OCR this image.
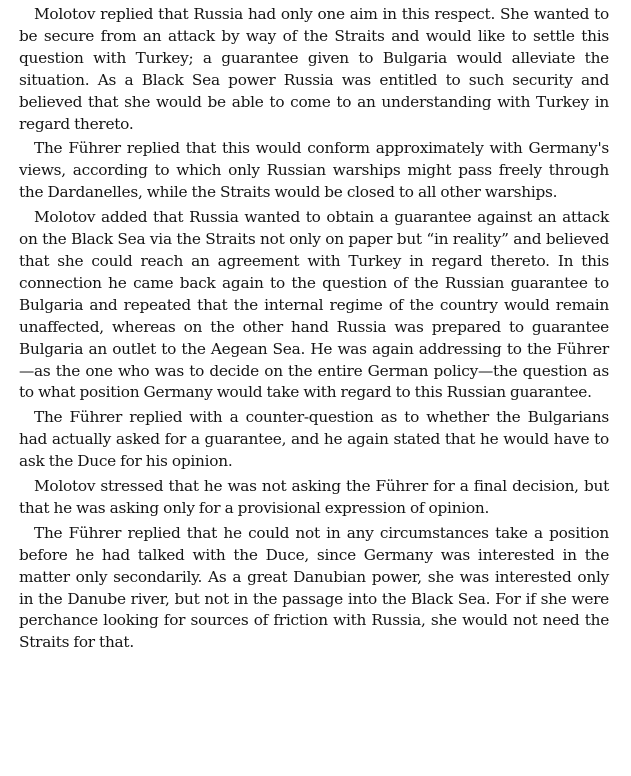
Molotov replied that Russia had only one aim in this respect. She wanted to be secure from an attack by way of the Straits and would like to settle this question with Turkey; a guarantee given to Bulgaria would alleviate the situation. As a Black Sea power Russia was entitled to such security and believed that she would be able to come to an understanding with Turkey in regard thereto.

The Führer replied that this would conform approximately with Germany's views, according to which only Russian warships might pass freely through the Dardanelles, while the Straits would be closed to all other warships.

Molotov added that Russia wanted to obtain a guarantee against an attack on the Black Sea via the Straits not only on paper but “in reality” and believed that she could reach an agreement with Turkey in regard thereto. In this connection he came back again to the question of the Russian guarantee to Bulgaria and repeated that the internal regime of the country would remain unaffected, whereas on the other hand Russia was prepared to guarantee Bulgaria an outlet to the Aegean Sea. He was again addressing to the Führer—as the one who was to decide on the entire German policy—the question as to what position Germany would take with regard to this Russian guarantee.

The Führer replied with a counter-question as to whether the Bulgarians had actually asked for a guarantee, and he again stated that he would have to ask the Duce for his opinion.

Molotov stressed that he was not asking the Führer for a final decision, but that he was asking only for a provisional expression of opinion.

The Führer replied that he could not in any circumstances take a position before he had talked with the Duce, since Germany was interested in the matter only secondarily. As a great Danubian power, she was interested only in the Danube river, but not in the passage into the Black Sea. For if she were perchance looking for sources of friction with Russia, she would not need the Straits for that.
